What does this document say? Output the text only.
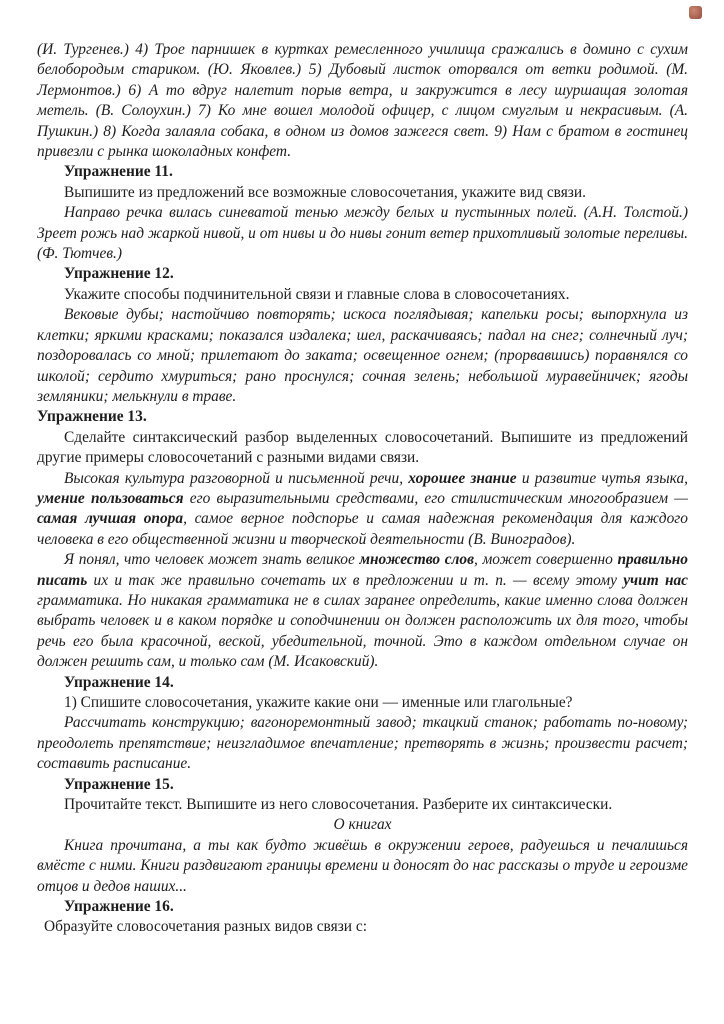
(И. Тургенев.) 4) Трое парнишек в куртках ремесленного училища сражались в домино с сухим белобородым стариком. (Ю. Яковлев.) 5) Дубовый листок оторвался от ветки родимой. (М. Лермонтов.) 6) А то вдруг налетит порыв ветра, и закружится в лесу шуршащая золотая метель. (В. Солоухин.) 7) Ко мне вошел молодой офицер, с лицом смуглым и некрасивым. (А. Пушкин.) 8) Когда залаяла собака, в одном из домов зажегся свет. 9) Нам с братом в гостинец привезли с рынка шоколадных конфет.

Упражнение 11.

Выпишите из предложений все возможные словосочетания, укажите вид связи.

Направо речка вилась синеватой тенью между белых и пустынных полей. (А.Н. Толстой.) Зреет рожь над жаркой нивой, и от нивы и до нивы гонит ветер прихотливый золотые переливы. (Ф. Тютчев.)

Упражнение 12.

Укажите способы подчинительной связи и главные слова в словосочетаниях.

Вековые дубы; настойчиво повторять; искоса поглядывая; капельки росы; выпорхнула из клетки; яркими красками; показался издалека; шел, раскачиваясь; падал на снег; солнечный луч; поздоровалась со мной; прилетают до заката; освещенное огнем; (прорвавшись) поравнялся со школой; сердито хмуриться; рано проснулся; сочная зелень; небольшой муравейничек; ягоды земляники; мелькнули в траве.

Упражнение 13.

Сделайте синтаксический разбор выделенных словосочетаний. Выпишите из предложений другие примеры словосочетаний с разными видами связи.

Высокая культура разговорной и письменной речи, хорошее знание и развитие чутья языка, умение пользоваться его выразительными средствами, его стилистическим многообразием — самая лучшая опора, самое верное подспорье и самая надежная рекомендация для каждого человека в его общественной жизни и творческой деятельности (В. Виноградов).

Я понял, что человек может знать великое множество слов, может совершенно правильно писать их и так же правильно сочетать их в предложении и т. п. — всему этому учит нас грамматика. Но никакая грамматика не в силах заранее определить, какие именно слова должен выбрать человек и в каком порядке и соподчинении он должен расположить их для того, чтобы речь его была красочной, веской, убедительной, точной. Это в каждом отдельном случае он должен решить сам, и только сам (М. Исаковский).

Упражнение 14.

1) Спишите словосочетания, укажите какие они — именные или глагольные?

Рассчитать конструкцию; вагоноремонтный завод; ткацкий станок; работать по-новому; преодолеть препятствие; неизгладимое впечатление; претворять в жизнь; произвести расчет; составить расписание.

Упражнение 15.

Прочитайте текст. Выпишите из него словосочетания. Разберите их синтаксически.

О книгах

Книга прочитана, а ты как будто живёшь в окружении героев, радуешься и печалишься вмёсте с ними. Книги раздвигают границы времени и доносят до нас рассказы о труде и героизме отцов и дедов наших...

Упражнение 16.

Образуйте словосочетания разных видов связи с:
